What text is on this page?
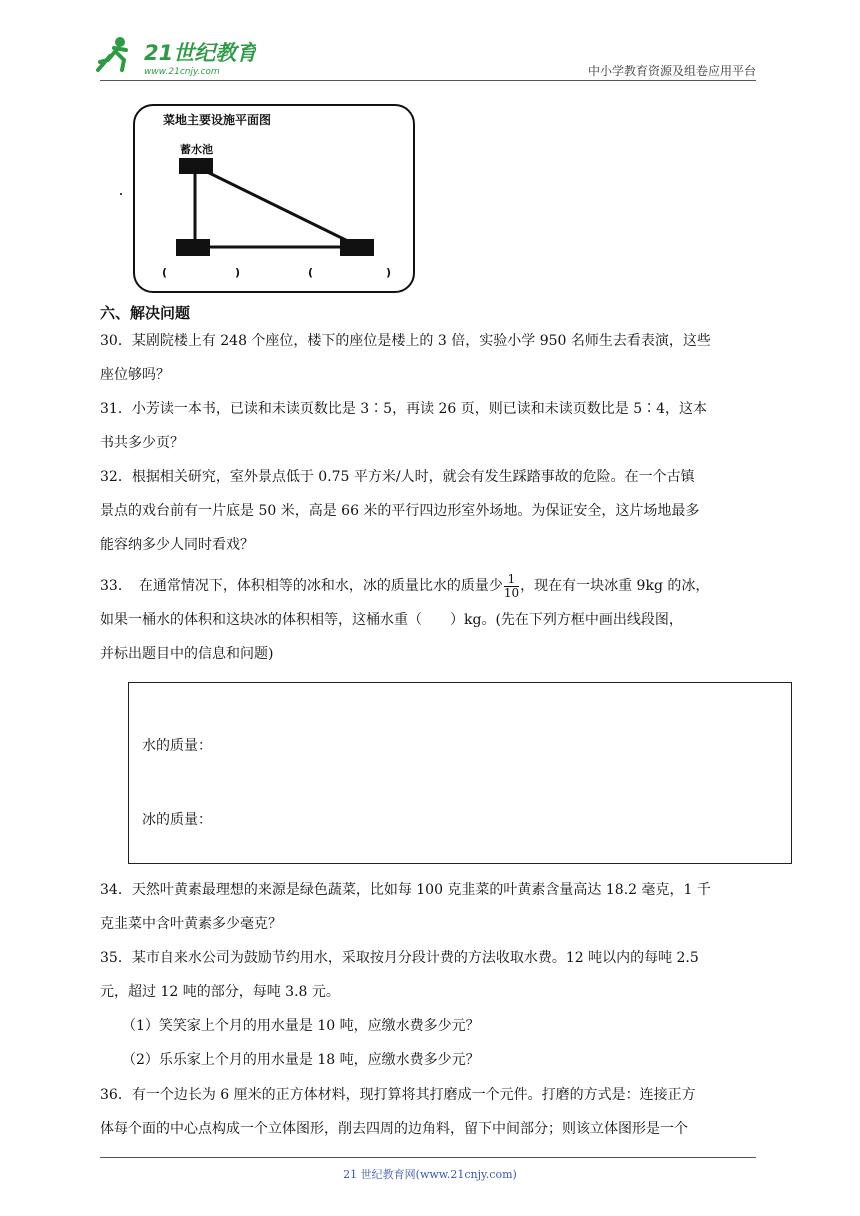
21世纪教育
www.21cnjy.com	中小学教育资源及组卷应用平台
菜地主要设施平面图
蓄水池
(	)	(	)
六、解决问题

30．某剧院楼上有 248 个座位，楼下的座位是楼上的 3 倍，实验小学 950 名师生去看表演，这些
座位够吗？

31．小芳读一本书，已读和未读页数比是 3∶5，再读 26 页，则已读和未读页数比是 5∶4，这本
书共多少页？

32．根据相关研究，室外景点低于 0.75 平方米/人时，就会有发生踩踏事故的危险。在一个古镇
景点的戏台前有一片底是 50 米，高是 66 米的平行四边形室外场地。为保证安全，这片场地最多
能容纳多少人同时看戏？

33．　在通常情况下，体积相等的冰和水，冰的质量比水的质量少 $\frac{1}{10}$ ，现在有一块冰重 9kg 的冰，
如果一桶水的体积和这块冰的体积相等，这桶水重（　　）kg。(先在下列方框中画出线段图，
并标出题目中的信息和问题)

水的质量：
冰的质量：

34．天然叶黄素最理想的来源是绿色蔬菜，比如每 100 克韭菜的叶黄素含量高达 18.2 毫克，1 千
克韭菜中含叶黄素多少毫克？

35．某市自来水公司为鼓励节约用水，采取按月分段计费的方法收取水费。12 吨以内的每吨 2.5
元，超过 12 吨的部分，每吨 3.8 元。
（1）笑笑家上个月的用水量是 10 吨，应缴水费多少元？
（2）乐乐家上个月的用水量是 18 吨，应缴水费多少元？

36．有一个边长为 6 厘米的正方体材料，现打算将其打磨成一个元件。打磨的方式是：连接正方
体每个面的中心点构成一个立体图形，削去四周的边角料，留下中间部分；则该立体图形是一个

21 世纪教育网(www.21cnjy.com)
